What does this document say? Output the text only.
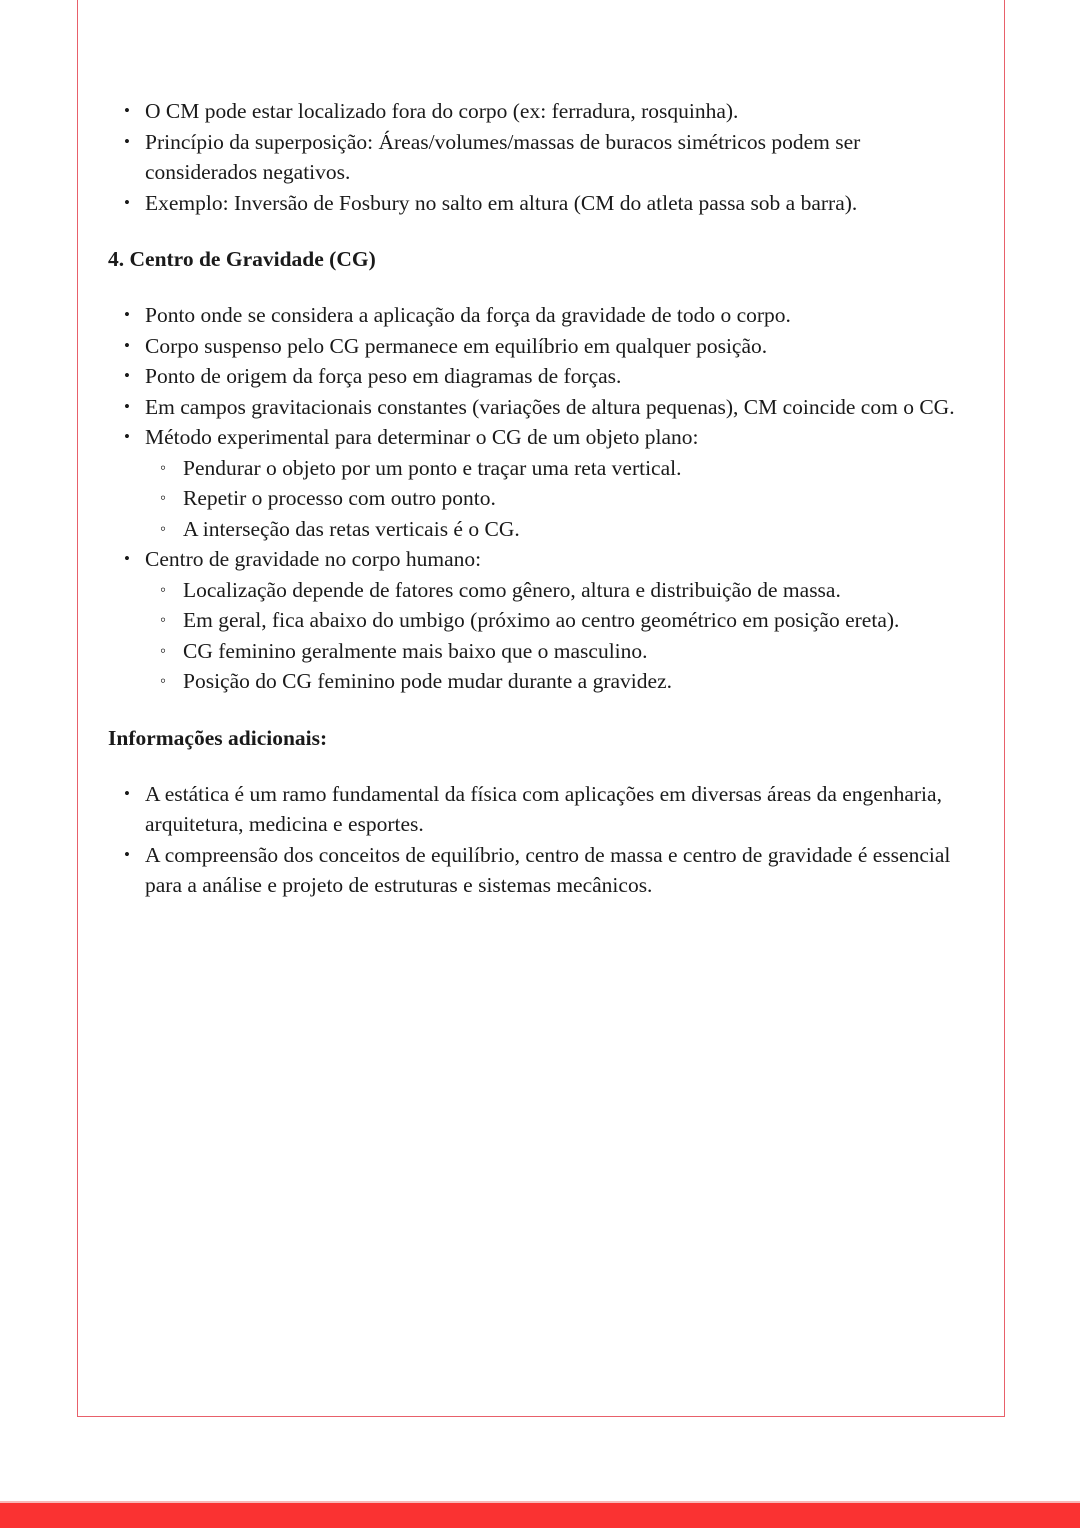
• O CM pode estar localizado fora do corpo (ex: ferradura, rosquinha).
• Princípio da superposição: Áreas/volumes/massas de buracos simétricos podem ser considerados negativos.
• Exemplo: Inversão de Fosbury no salto em altura (CM do atleta passa sob a barra).
4. Centro de Gravidade (CG)
• Ponto onde se considera a aplicação da força da gravidade de todo o corpo.
• Corpo suspenso pelo CG permanece em equilíbrio em qualquer posição.
• Ponto de origem da força peso em diagramas de forças.
• Em campos gravitacionais constantes (variações de altura pequenas), CM coincide com o CG.
• Método experimental para determinar o CG de um objeto plano:
◦ Pendurar o objeto por um ponto e traçar uma reta vertical.
◦ Repetir o processo com outro ponto.
◦ A interseção das retas verticais é o CG.
• Centro de gravidade no corpo humano:
◦ Localização depende de fatores como gênero, altura e distribuição de massa.
◦ Em geral, fica abaixo do umbigo (próximo ao centro geométrico em posição ereta).
◦ CG feminino geralmente mais baixo que o masculino.
◦ Posição do CG feminino pode mudar durante a gravidez.
Informações adicionais:
• A estática é um ramo fundamental da física com aplicações em diversas áreas da engenharia, arquitetura, medicina e esportes.
• A compreensão dos conceitos de equilíbrio, centro de massa e centro de gravidade é essencial para a análise e projeto de estruturas e sistemas mecânicos.
